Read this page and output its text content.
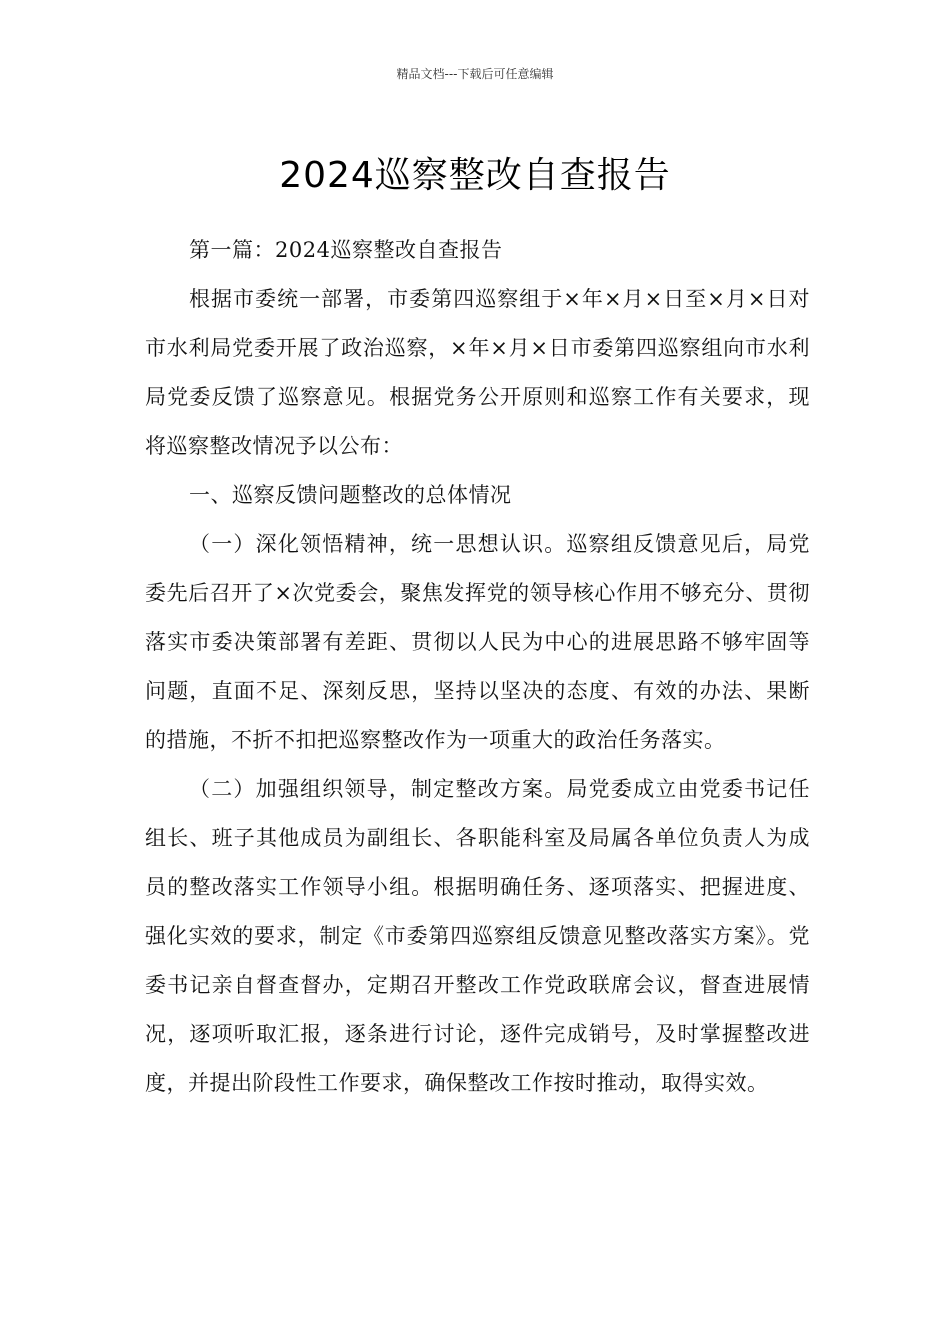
精品文档---下载后可任意编辑
2024巡察整改自查报告

第一篇：2024巡察整改自查报告

根据市委统一部署，市委第四巡察组于×年×月×日至×月×日对市水利局党委开展了政治巡察，×年×月×日市委第四巡察组向市水利局党委反馈了巡察意见。根据党务公开原则和巡察工作有关要求，现将巡察整改情况予以公布：

一、巡察反馈问题整改的总体情况

（一）深化领悟精神，统一思想认识。巡察组反馈意见后，局党委先后召开了×次党委会，聚焦发挥党的领导核心作用不够充分、贯彻落实市委决策部署有差距、贯彻以人民为中心的进展思路不够牢固等问题，直面不足、深刻反思，坚持以坚决的态度、有效的办法、果断的措施，不折不扣把巡察整改作为一项重大的政治任务落实。

（二）加强组织领导，制定整改方案。局党委成立由党委书记任组长、班子其他成员为副组长、各职能科室及局属各单位负责人为成员的整改落实工作领导小组。根据明确任务、逐项落实、把握进度、强化实效的要求，制定《市委第四巡察组反馈意见整改落实方案》。党委书记亲自督查督办，定期召开整改工作党政联席会议，督查进展情况，逐项听取汇报，逐条进行讨论，逐件完成销号，及时掌握整改进度，并提出阶段性工作要求，确保整改工作按时推动，取得实效。
